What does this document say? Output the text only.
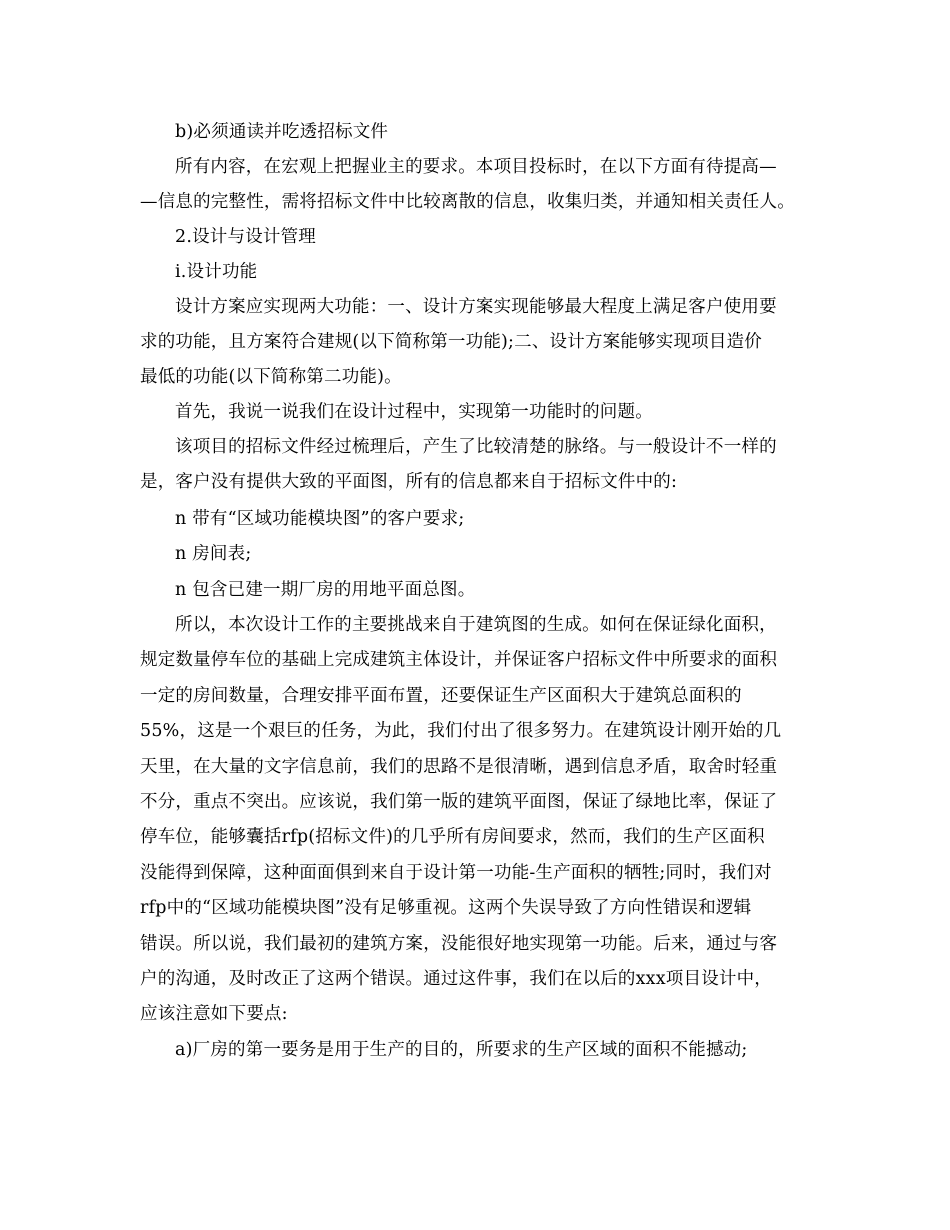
b)必须通读并吃透招标文件
所有内容，在宏观上把握业主的要求。本项目投标时，在以下方面有待提高—
—信息的完整性，需将招标文件中比较离散的信息，收集归类，并通知相关责任人。
2.设计与设计管理
i.设计功能
设计方案应实现两大功能：一、设计方案实现能够最大程度上满足客户使用要
求的功能，且方案符合建规(以下简称第一功能);二、设计方案能够实现项目造价
最低的功能(以下简称第二功能)。
首先，我说一说我们在设计过程中，实现第一功能时的问题。
该项目的招标文件经过梳理后，产生了比较清楚的脉络。与一般设计不一样的
是，客户没有提供大致的平面图，所有的信息都来自于招标文件中的:
n 带有“区域功能模块图”的客户要求;
n 房间表;
n 包含已建一期厂房的用地平面总图。
所以，本次设计工作的主要挑战来自于建筑图的生成。如何在保证绿化面积，
规定数量停车位的基础上完成建筑主体设计，并保证客户招标文件中所要求的面积
一定的房间数量，合理安排平面布置，还要保证生产区面积大于建筑总面积的
55%，这是一个艰巨的任务，为此，我们付出了很多努力。在建筑设计刚开始的几
天里，在大量的文字信息前，我们的思路不是很清晰，遇到信息矛盾，取舍时轻重
不分，重点不突出。应该说，我们第一版的建筑平面图，保证了绿地比率，保证了
停车位，能够囊括rfp(招标文件)的几乎所有房间要求，然而，我们的生产区面积
没能得到保障，这种面面俱到来自于设计第一功能-生产面积的牺牲;同时，我们对
rfp中的“区域功能模块图”没有足够重视。这两个失误导致了方向性错误和逻辑
错误。所以说，我们最初的建筑方案，没能很好地实现第一功能。后来，通过与客
户的沟通，及时改正了这两个错误。通过这件事，我们在以后的xxx项目设计中，
应该注意如下要点:
a)厂房的第一要务是用于生产的目的，所要求的生产区域的面积不能撼动;
